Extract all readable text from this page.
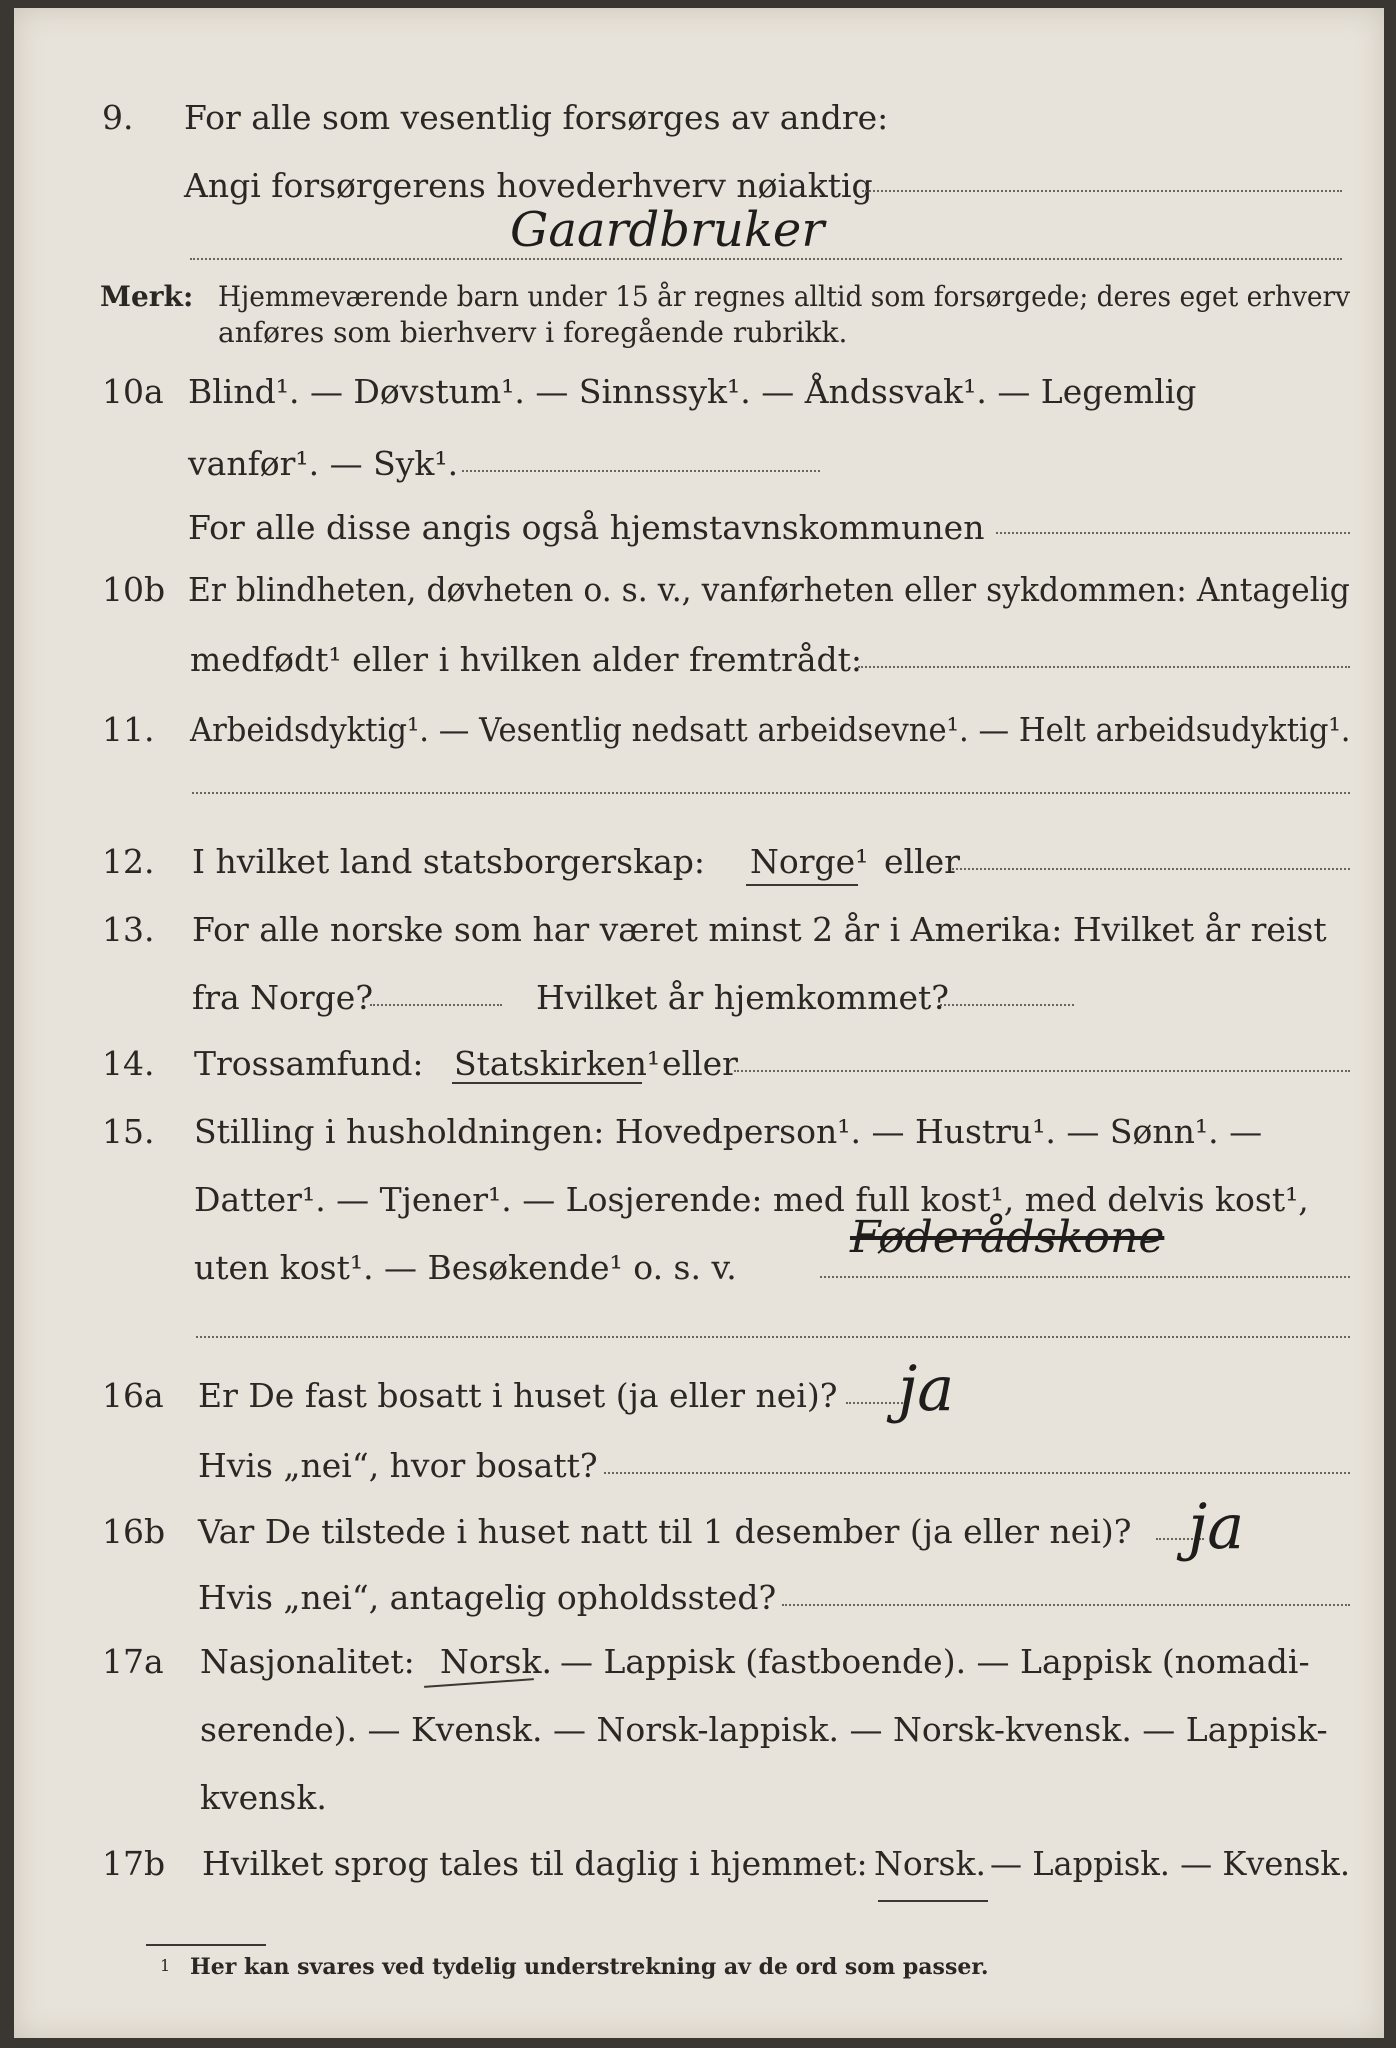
9. For alle som vesentlig forsørges av andre:
Angi forsørgerens hovederhverv nøiaktig
Gaardbruker
Merk: Hjemmeværende barn under 15 år regnes alltid som forsørgede; deres eget erhverv
anføres som bierhverv i foregående rubrikk.
10a Blind¹. — Døvstum¹. — Sinnssyk¹. — Åndssvak¹. — Legemlig
vanfør¹. — Syk¹.
For alle disse angis også hjemstavnskommunen
10b Er blindheten, døvheten o. s. v., vanførheten eller sykdommen: Antagelig
medfødt¹ eller i hvilken alder fremtrådt:
11. Arbeidsdyktig¹. — Vesentlig nedsatt arbeidsevne¹. — Helt arbeidsudyktig¹.
12. I hvilket land statsborgerskap: Norge¹ eller
13. For alle norske som har været minst 2 år i Amerika: Hvilket år reist
fra Norge?	Hvilket år hjemkommet?
14. Trossamfund: Statskirken¹ eller
15. Stilling i husholdningen: Hovedperson¹. — Hustru¹. — Sønn¹. —
Datter¹. — Tjener¹. — Losjerende: med full kost¹, med delvis kost¹,
uten kost¹. — Besøkende¹ o. s. v.
Føderådskone
16a Er De fast bosatt i huset (ja eller nei)? ja
Hvis „nei“, hvor bosatt?
16b Var De tilstede i huset natt til 1 desember (ja eller nei)? ja
Hvis „nei“, antagelig opholdssted?
17a Nasjonalitet: Norsk. — Lappisk (fastboende). — Lappisk (nomadi-
serende). — Kvensk. — Norsk-lappisk. — Norsk-kvensk. — Lappisk-
kvensk.
17b Hvilket sprog tales til daglig i hjemmet: Norsk. — Lappisk. — Kvensk.
1 Her kan svares ved tydelig understrekning av de ord som passer.
